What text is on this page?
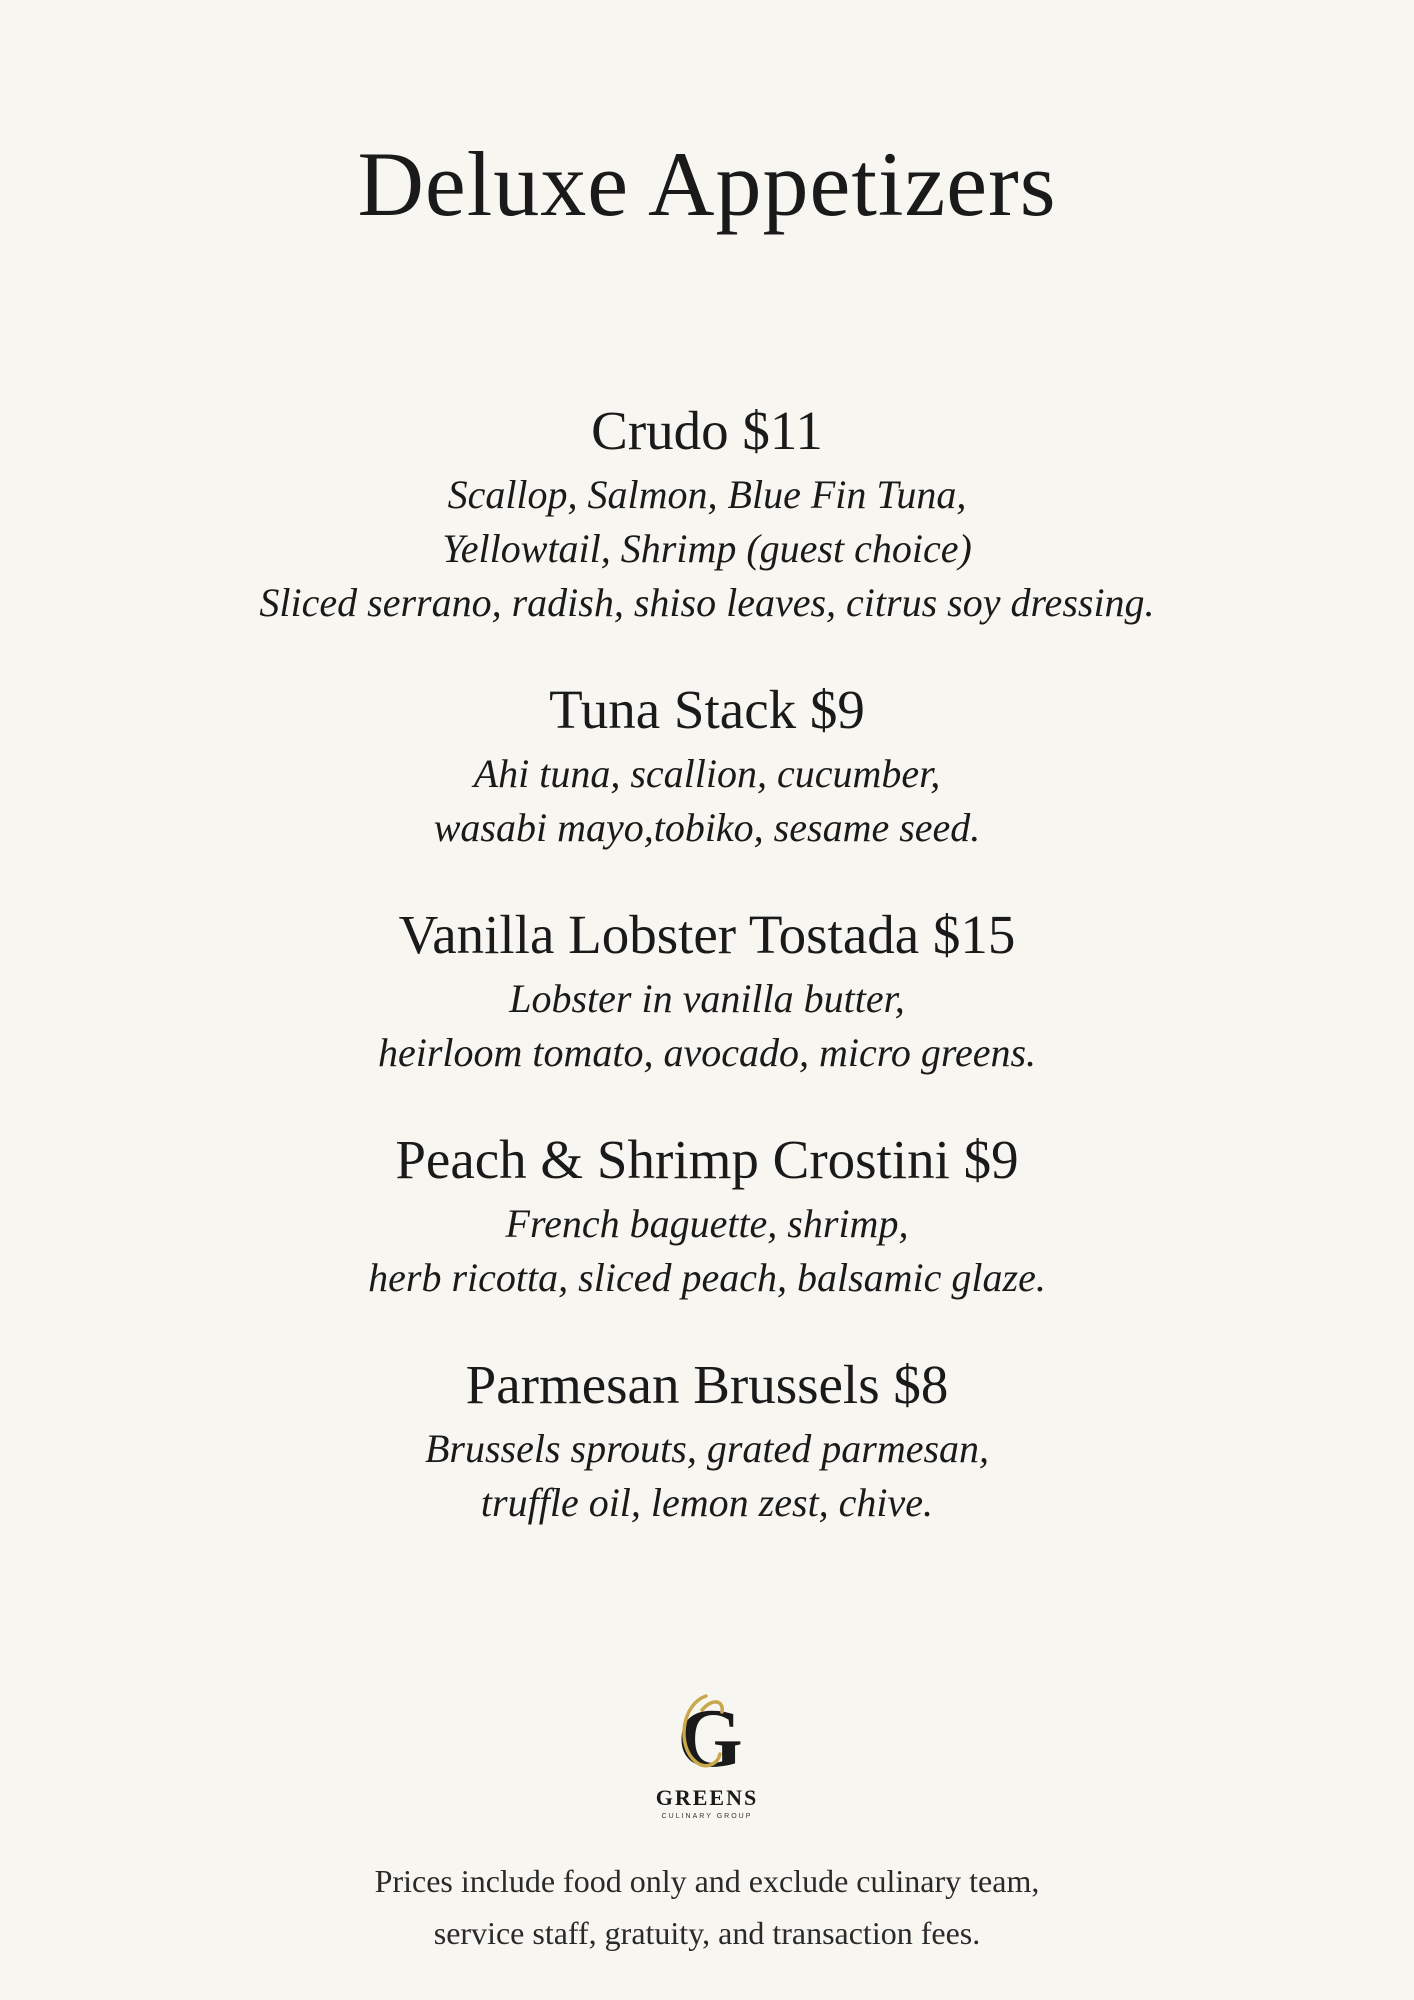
Deluxe Appetizers

Crudo $11

Scallop, Salmon, Blue Fin Tuna,

Yellowtail, Shrimp (guest choice)

Sliced serrano, radish, shiso leaves, citrus soy dressing.

Tuna Stack $9

Ahi tuna, scallion, cucumber,

wasabi mayo,tobiko, sesame seed.

Vanilla Lobster Tostada $15

Lobster in vanilla butter,

heirloom tomato, avocado, micro greens.

Peach & Shrimp Crostini $9

French baguette, shrimp,

herb ricotta, sliced peach, balsamic glaze.

Parmesan Brussels $8

Brussels sprouts, grated parmesan,

truffle oil, lemon zest, chive.

G
GREENS
CULINARY GROUP

Prices include food only and exclude culinary team,

service staff, gratuity, and transaction fees.
